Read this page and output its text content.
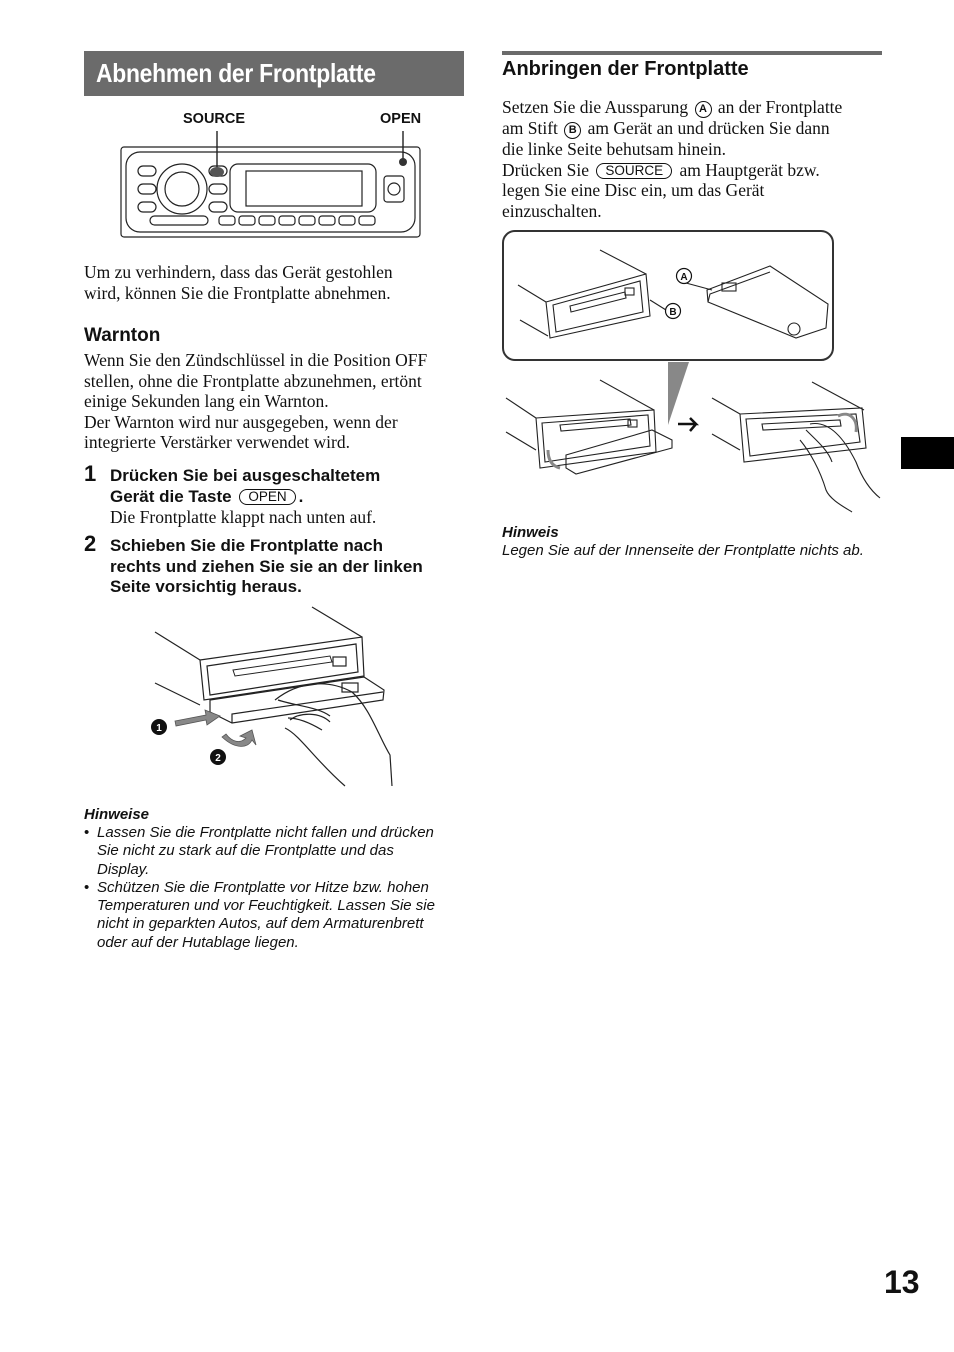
Abnehmen der Frontplatte
SOURCE	OPEN
Um zu verhindern, dass das Gerät gestohlen
wird, können Sie die Frontplatte abnehmen.
Warnton
Wenn Sie den Zündschlüssel in die Position OFF
stellen, ohne die Frontplatte abzunehmen, ertönt
einige Sekunden lang ein Warnton.
Der Warnton wird nur ausgegeben, wenn der
integrierte Verstärker verwendet wird.
1 Drücken Sie bei ausgeschaltetem
Gerät die Taste OPEN .
Die Frontplatte klappt nach unten auf.
2 Schieben Sie die Frontplatte nach
rechts und ziehen Sie sie an der linken
Seite vorsichtig heraus.
1
2
Hinweise
• Lassen Sie die Frontplatte nicht fallen und drücken
Sie nicht zu stark auf die Frontplatte und das
Display.
• Schützen Sie die Frontplatte vor Hitze bzw. hohen
Temperaturen und vor Feuchtigkeit. Lassen Sie sie
nicht in geparkten Autos, auf dem Armaturenbrett
oder auf der Hutablage liegen.
Anbringen der Frontplatte
Setzen Sie die Aussparung A an der Frontplatte
am Stift B am Gerät an und drücken Sie dann
die linke Seite behutsam hinein.
Drücken Sie SOURCE am Hauptgerät bzw.
legen Sie eine Disc ein, um das Gerät
einzuschalten.
A
B
Hinweis
Legen Sie auf der Innenseite der Frontplatte nichts ab.
13
